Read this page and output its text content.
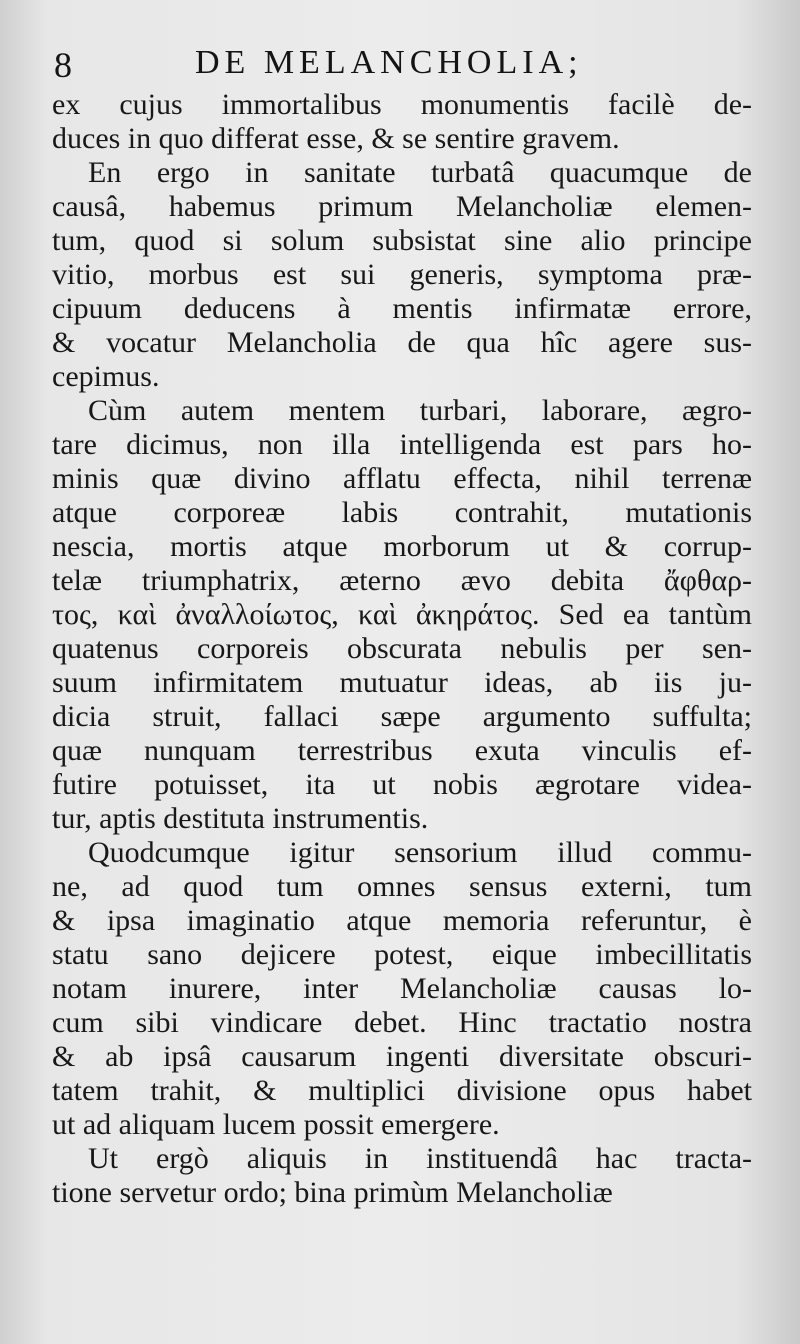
8	DE MELANCHOLIA;
ex cujus immortalibus monumentis facilè de-
duces in quo differat esse, & se sentire gravem.
En ergo in sanitate turbatâ quacumque de
causâ, habemus primum Melancholiæ elemen-
tum, quod si solum subsistat sine alio principe
vitio, morbus est sui generis, symptoma præ-
cipuum deducens à mentis infirmatæ errore,
& vocatur Melancholia de qua hîc agere sus-
cepimus.
Cùm autem mentem turbari, laborare, ægro-
tare dicimus, non illa intelligenda est pars ho-
minis quæ divino afflatu effecta, nihil terrenæ
atque corporeæ labis contrahit, mutationis
nescia, mortis atque morborum ut & corrup-
telæ triumphatrix, æterno ævo debita ἄφθαρ-
τος, καὶ ἀναλλοίωτος, καὶ ἀκηράτος. Sed ea tantùm
quatenus corporeis obscurata nebulis per sen-
suum infirmitatem mutuatur ideas, ab iis ju-
dicia struit, fallaci sæpe argumento suffulta;
quæ nunquam terrestribus exuta vinculis ef-
futire potuisset, ita ut nobis ægrotare videa-
tur, aptis destituta instrumentis.
Quodcumque igitur sensorium illud commu-
ne, ad quod tum omnes sensus externi, tum
& ipsa imaginatio atque memoria referuntur, è
statu sano dejicere potest, eique imbecillitatis
notam inurere, inter Melancholiæ causas lo-
cum sibi vindicare debet. Hinc tractatio nostra
& ab ipsâ causarum ingenti diversitate obscuri-
tatem trahit, & multiplici divisione opus habet
ut ad aliquam lucem possit emergere.
Ut ergò aliquis in instituendâ hac tracta-
tione servetur ordo; bina primùm Melancholiæ
